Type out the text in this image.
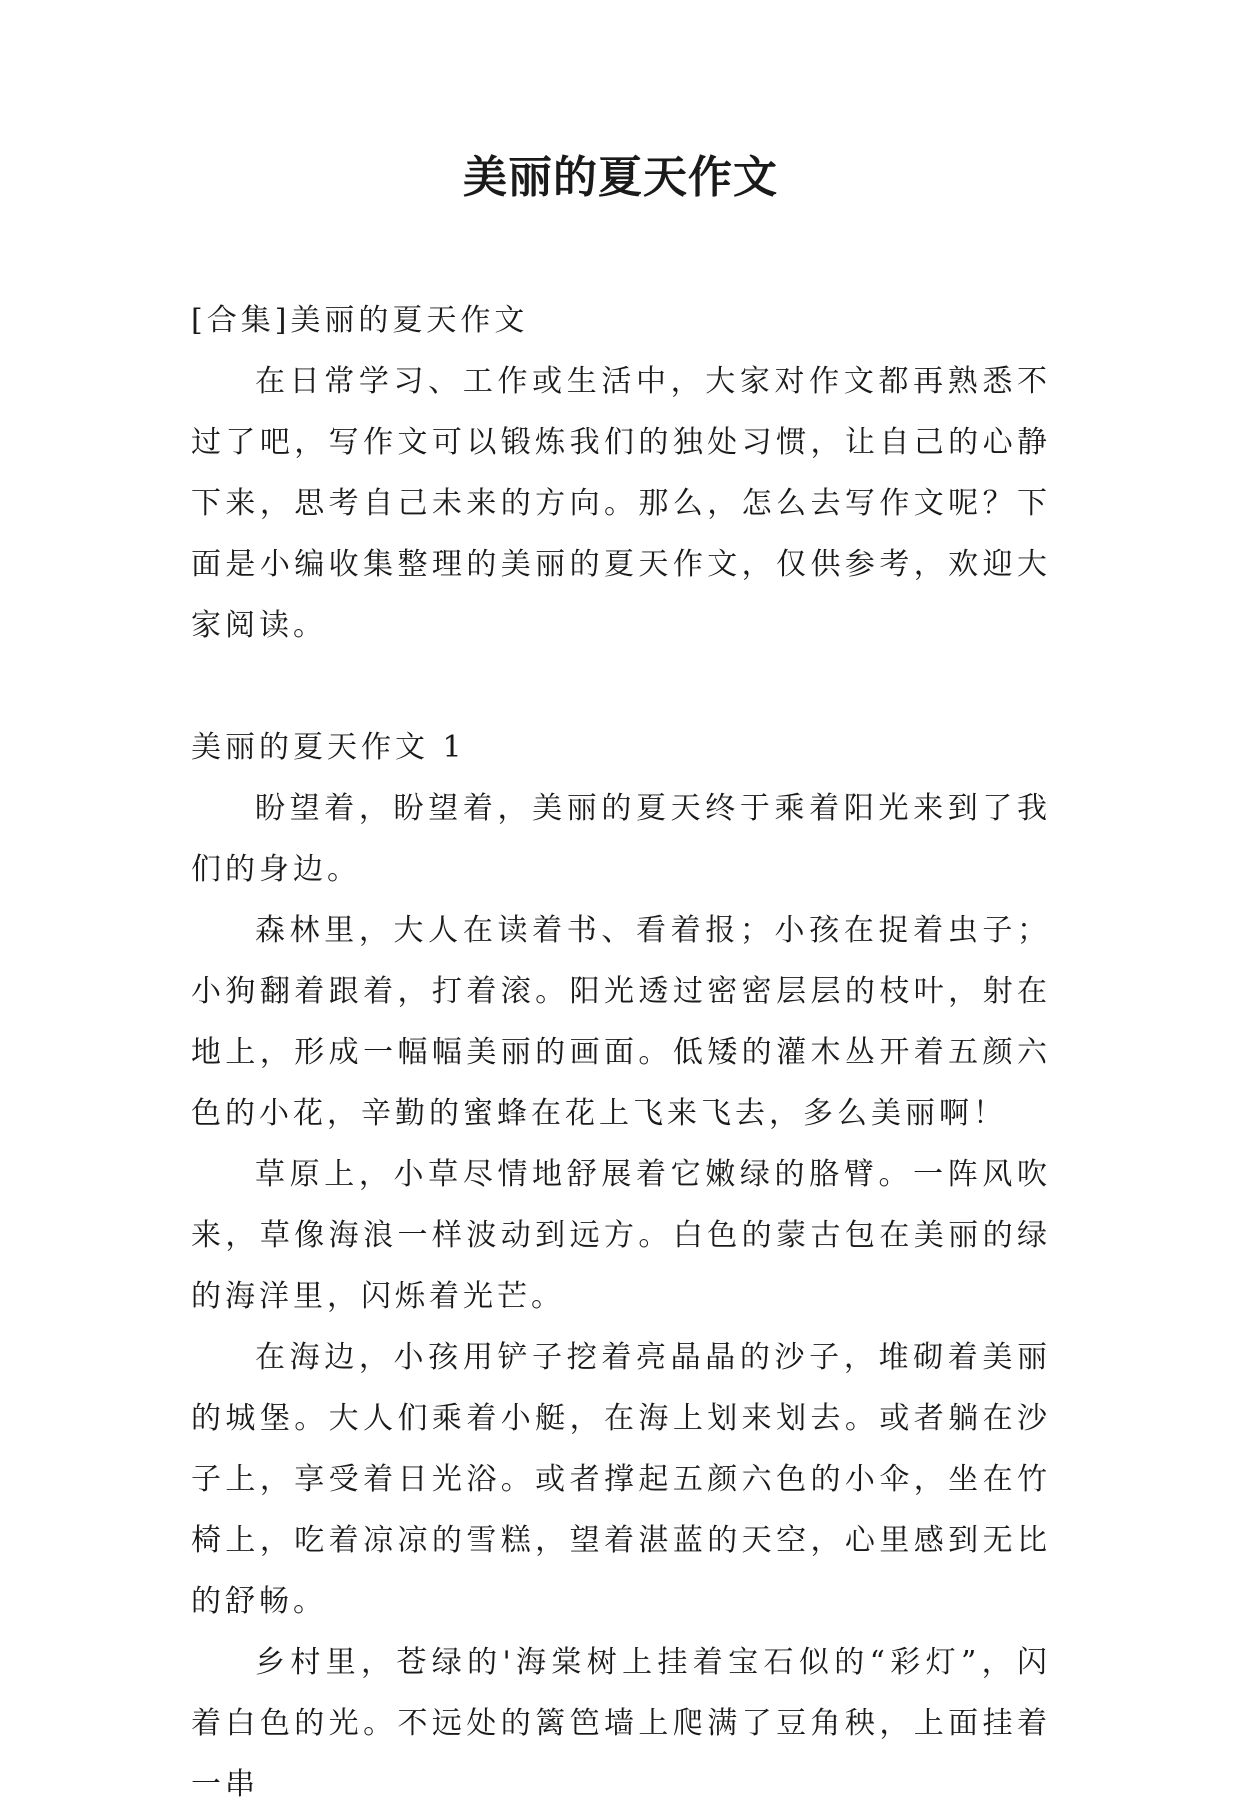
美丽的夏天作文

[合集]美丽的夏天作文

在日常学习、工作或生活中，大家对作文都再熟悉不过了吧，写作文可以锻炼我们的独处习惯，让自己的心静下来，思考自己未来的方向。那么，怎么去写作文呢？下面是小编收集整理的美丽的夏天作文，仅供参考，欢迎大家阅读。

美丽的夏天作文 1

盼望着，盼望着，美丽的夏天终于乘着阳光来到了我们的身边。

森林里，大人在读着书、看着报；小孩在捉着虫子；小狗翻着跟着，打着滚。阳光透过密密层层的枝叶，射在地上，形成一幅幅美丽的画面。低矮的灌木丛开着五颜六色的小花，辛勤的蜜蜂在花上飞来飞去，多么美丽啊！

草原上，小草尽情地舒展着它嫩绿的胳臂。一阵风吹来，草像海浪一样波动到远方。白色的蒙古包在美丽的绿的海洋里，闪烁着光芒。

在海边，小孩用铲子挖着亮晶晶的沙子，堆砌着美丽的城堡。大人们乘着小艇，在海上划来划去。或者躺在沙子上，享受着日光浴。或者撑起五颜六色的小伞，坐在竹椅上，吃着凉凉的雪糕，望着湛蓝的天空，心里感到无比的舒畅。

乡村里，苍绿的'海棠树上挂着宝石似的“彩灯”，闪着白色的光。不远处的篱笆墙上爬满了豆角秧，上面挂着一串
